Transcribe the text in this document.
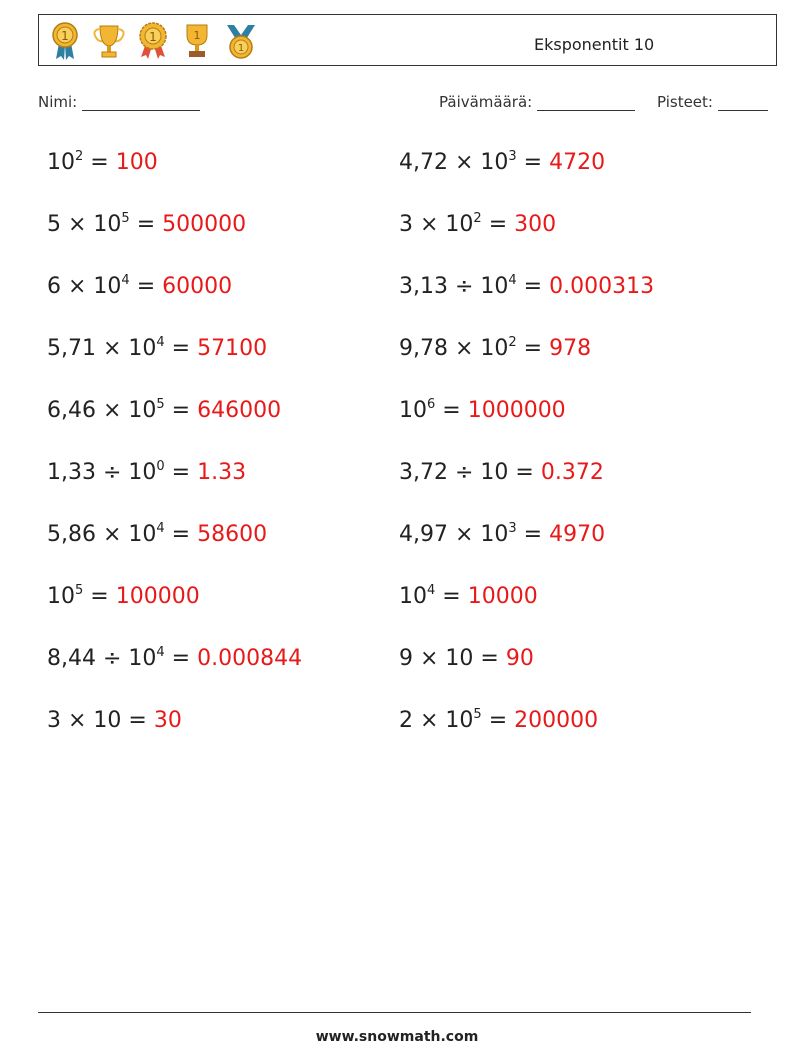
1	1	1
1	Eksponentit 10
Nimi:	Päivämäärä:	Pisteet:
$10^2 = 100$	$4,72 \times 10^3 = 4720$
$5 \times 10^5 = 500000$	$3 \times 10^2 = 300$
$6 \times 10^4 = 60000$	$3,13 \div 10^4 = 0.000313$
$5,71 \times 10^4 = 57100$	$9,78 \times 10^2 = 978$
$6,46 \times 10^5 = 646000$	$10^6 = 1000000$
$1,33 \div 10^0 = 1.33$	3,72 ÷ 10 = 0.372
$5,86 \times 10^4 = 58600$	$4,97 \times 10^3 = 4970$
$10^5 = 100000$	$10^4 = 10000$
$8,44 \div 10^4 = 0.000844$	9 × 10 = 90
3 × 10 = 30	$2 \times 10^5 = 200000$
www.snowmath.com
